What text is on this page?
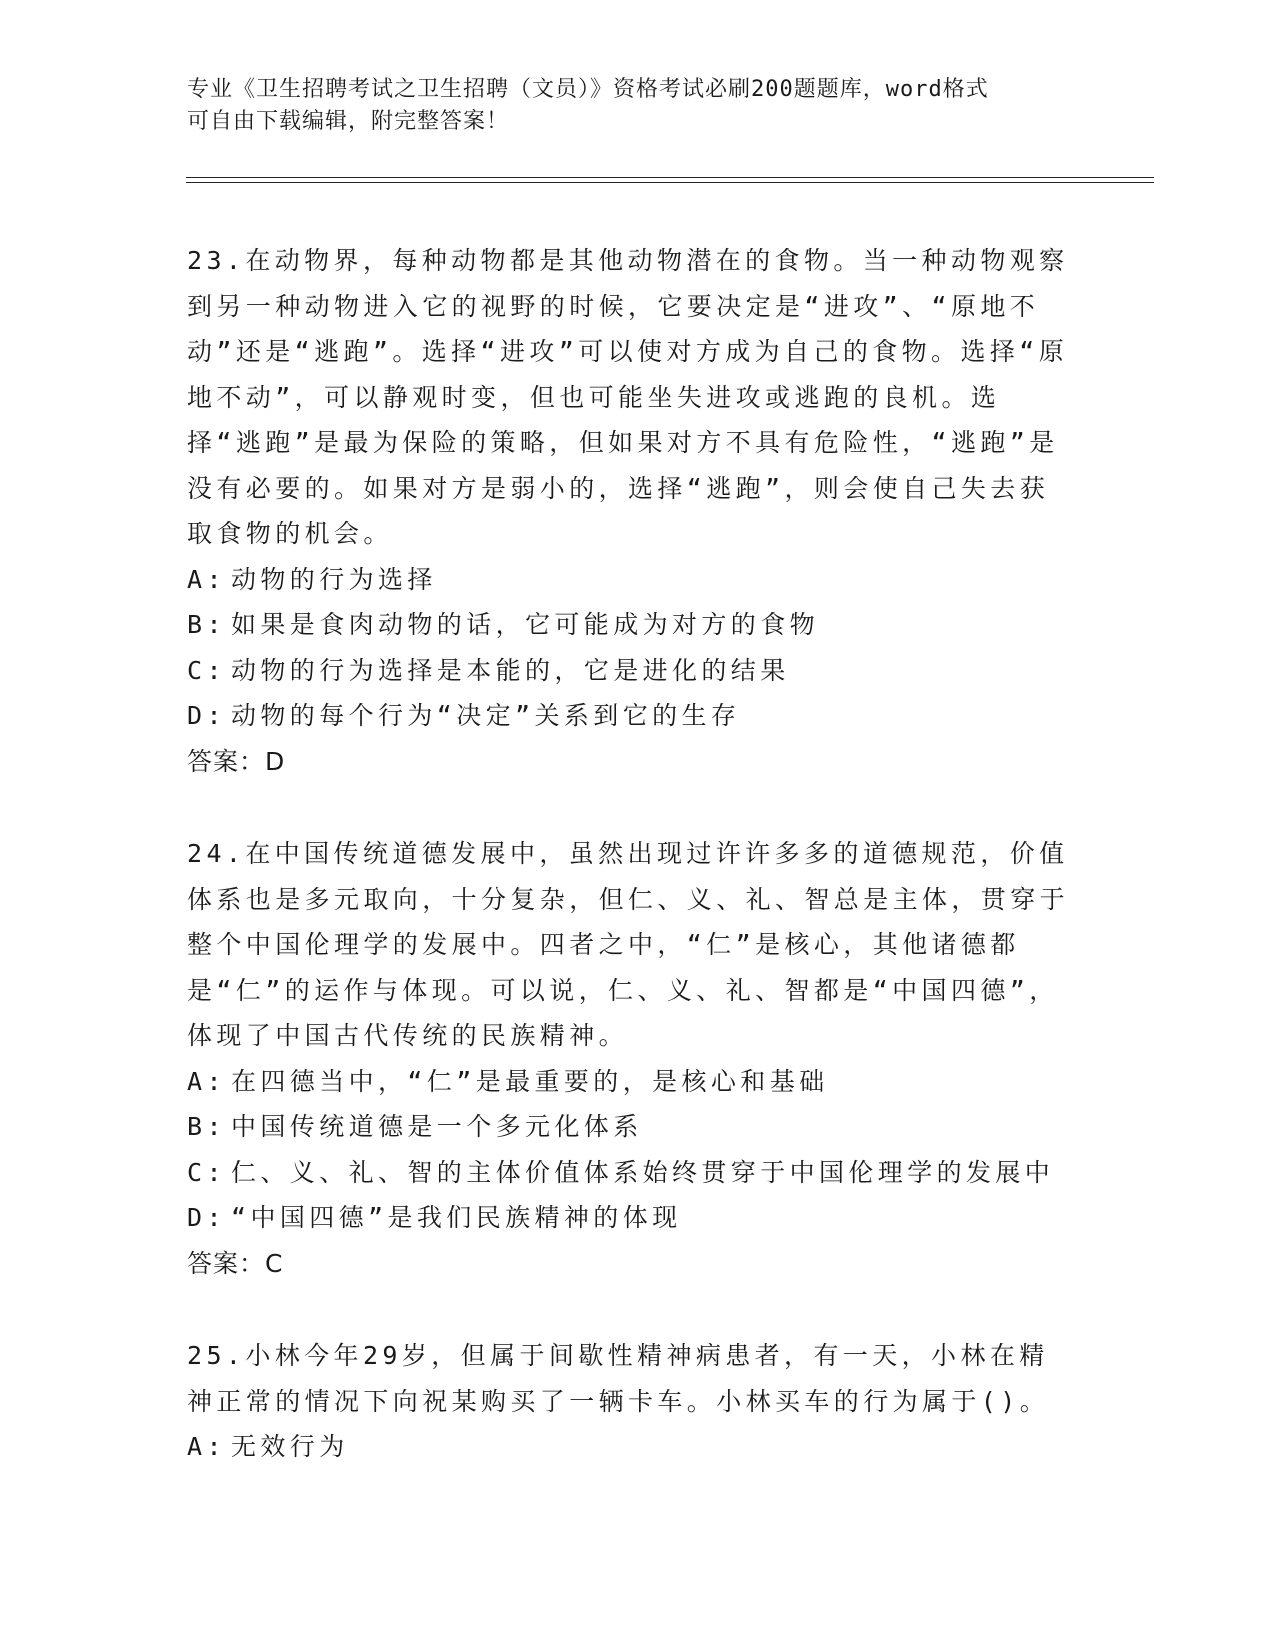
专业《卫生招聘考试之卫生招聘（文员）》资格考试必刷200题题库，word格式
可自由下载编辑，附完整答案！

23.在动物界，每种动物都是其他动物潜在的食物。当一种动物观察到另一种动物进入它的视野的时候，它要决定是“进攻”、“原地不动”还是“逃跑”。选择“进攻”可以使对方成为自己的食物。选择“原地不动”，可以静观时变，但也可能坐失进攻或逃跑的良机。选择“逃跑”是最为保险的策略，但如果对方不具有危险性，“逃跑”是没有必要的。如果对方是弱小的，选择“逃跑”，则会使自己失去获取食物的机会。

A: 动物的行为选择
B: 如果是食肉动物的话，它可能成为对方的食物
C: 动物的行为选择是本能的，它是进化的结果
D: 动物的每个行为“决定”关系到它的生存

答案：D

24.在中国传统道德发展中，虽然出现过许许多多的道德规范，价值体系也是多元取向，十分复杂，但仁、义、礼、智总是主体，贯穿于整个中国伦理学的发展中。四者之中，“仁”是核心，其他诸德都是“仁”的运作与体现。可以说，仁、义、礼、智都是“中国四德”，体现了中国古代传统的民族精神。

A: 在四德当中，“仁”是最重要的，是核心和基础
B: 中国传统道德是一个多元化体系
C: 仁、义、礼、智的主体价值体系始终贯穿于中国伦理学的发展中
D: “中国四德”是我们民族精神的体现

答案：C

25.小林今年29岁，但属于间歇性精神病患者，有一天，小林在精神正常的情况下向祝某购买了一辆卡车。小林买车的行为属于()。

A: 无效行为
